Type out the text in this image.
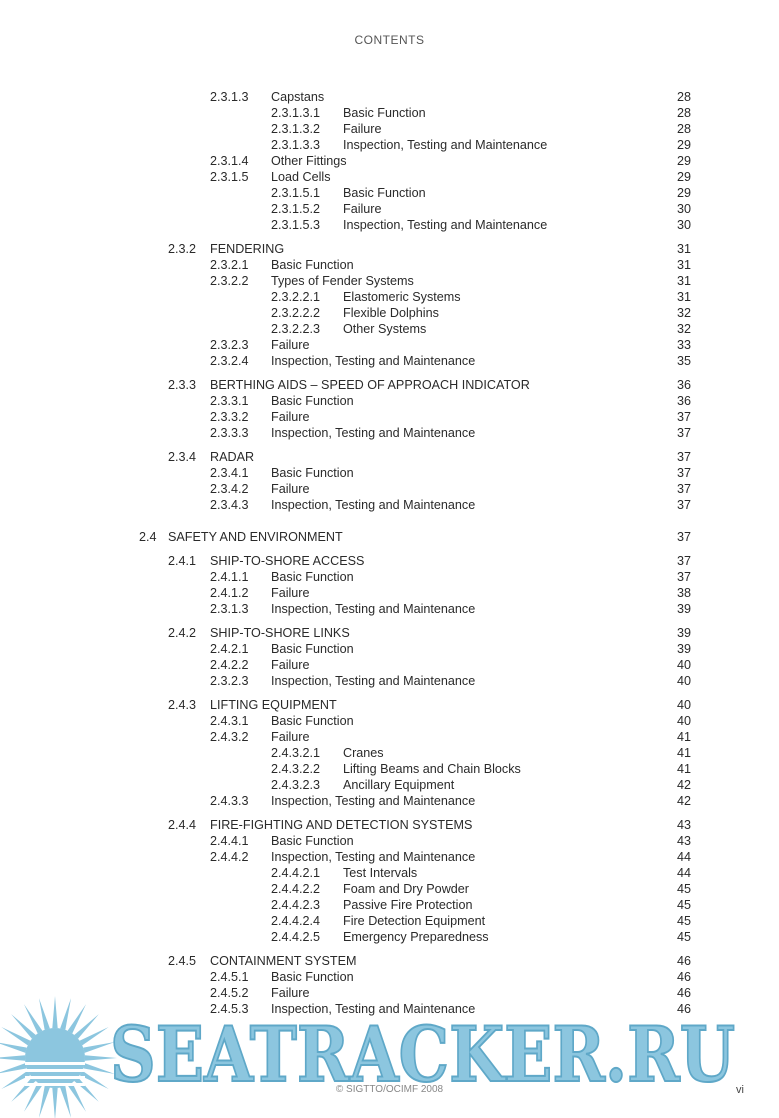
CONTENTS
2.3.1.3 Capstans	28
2.3.1.3.1 Basic Function	28
2.3.1.3.2 Failure	28
2.3.1.3.3 Inspection, Testing and Maintenance	29
2.3.1.4 Other Fittings	29
2.3.1.5 Load Cells	29
2.3.1.5.1 Basic Function	29
2.3.1.5.2 Failure	30
2.3.1.5.3 Inspection, Testing and Maintenance	30
2.3.2 FENDERING	31
2.3.2.1 Basic Function	31
2.3.2.2 Types of Fender Systems	31
2.3.2.2.1 Elastomeric Systems	31
2.3.2.2.2 Flexible Dolphins	32
2.3.2.2.3 Other Systems	32
2.3.2.3 Failure	33
2.3.2.4 Inspection, Testing and Maintenance	35
2.3.3 BERTHING AIDS – SPEED OF APPROACH INDICATOR	36
2.3.3.1 Basic Function	36
2.3.3.2 Failure	37
2.3.3.3 Inspection, Testing and Maintenance	37
2.3.4 RADAR	37
2.3.4.1 Basic Function	37
2.3.4.2 Failure	37
2.3.4.3 Inspection, Testing and Maintenance	37
2.4 SAFETY AND ENVIRONMENT	37
2.4.1 SHIP-TO-SHORE ACCESS	37
2.4.1.1 Basic Function	37
2.4.1.2 Failure	38
2.3.1.3 Inspection, Testing and Maintenance	39
2.4.2 SHIP-TO-SHORE LINKS	39
2.4.2.1 Basic Function	39
2.4.2.2 Failure	40
2.3.2.3 Inspection, Testing and Maintenance	40
2.4.3 LIFTING EQUIPMENT	40
2.4.3.1 Basic Function	40
2.4.3.2 Failure	41
2.4.3.2.1 Cranes	41
2.4.3.2.2 Lifting Beams and Chain Blocks	41
2.4.3.2.3 Ancillary Equipment	42
2.4.3.3 Inspection, Testing and Maintenance	42
2.4.4 FIRE-FIGHTING AND DETECTION SYSTEMS	43
2.4.4.1 Basic Function	43
2.4.4.2 Inspection, Testing and Maintenance	44
2.4.4.2.1 Test Intervals	44
2.4.4.2.2 Foam and Dry Powder	45
2.4.4.2.3 Passive Fire Protection	45
2.4.4.2.4 Fire Detection Equipment	45
2.4.4.2.5 Emergency Preparedness	45
2.4.5 CONTAINMENT SYSTEM	46
2.4.5.1 Basic Function	46
2.4.5.2 Failure	46
2.4.5.3 Inspection, Testing and Maintenance	46
SEATRACKER.RU
© SIGTTO/OCIMF 2008	vi
